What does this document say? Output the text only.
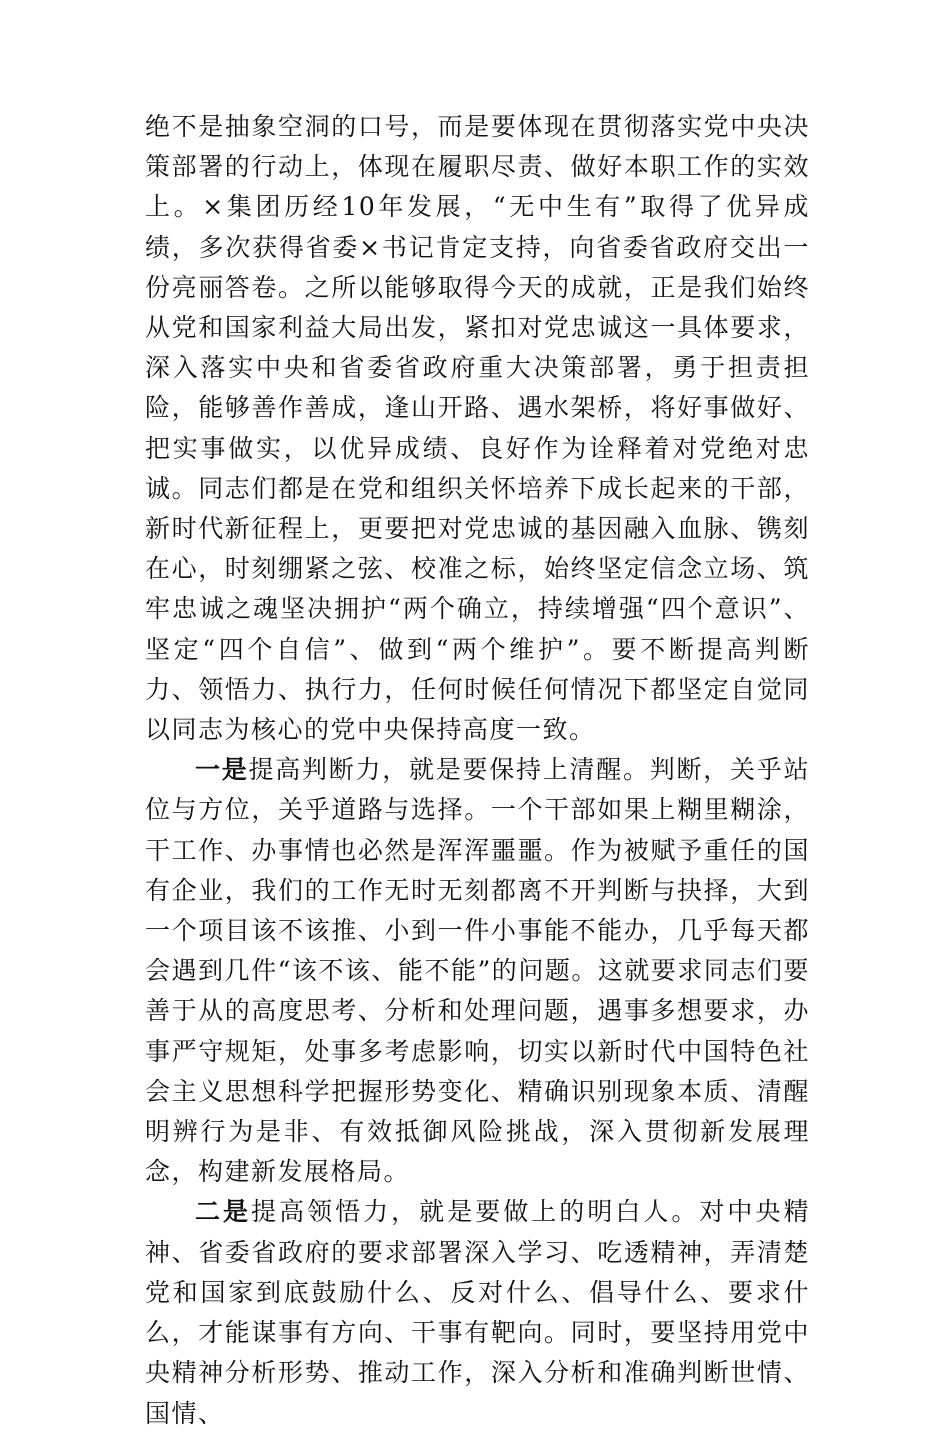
绝不是抽象空洞的口号，而是要体现在贯彻落实党中央决策部署的行动上，体现在履职尽责、做好本职工作的实效上。×集团历经10年发展，“无中生有”取得了优异成绩，多次获得省委×书记肯定支持，向省委省政府交出一份亮丽答卷。之所以能够取得今天的成就，正是我们始终从党和国家利益大局出发，紧扣对党忠诚这一具体要求，深入落实中央和省委省政府重大决策部署，勇于担责担险，能够善作善成，逢山开路、遇水架桥，将好事做好、把实事做实，以优异成绩、良好作为诠释着对党绝对忠诚。同志们都是在党和组织关怀培养下成长起来的干部，新时代新征程上，更要把对党忠诚的基因融入血脉、镌刻在心，时刻绷紧之弦、校准之标，始终坚定信念立场、筑牢忠诚之魂坚决拥护“两个确立，持续增强“四个意识”、坚定“四个自信”、做到“两个维护”。要不断提高判断力、领悟力、执行力，任何时候任何情况下都坚定自觉同以同志为核心的党中央保持高度一致。

一是提高判断力，就是要保持上清醒。判断，关乎站位与方位，关乎道路与选择。一个干部如果上糊里糊涂，干工作、办事情也必然是浑浑噩噩。作为被赋予重任的国有企业，我们的工作无时无刻都离不开判断与抉择，大到一个项目该不该推、小到一件小事能不能办，几乎每天都会遇到几件“该不该、能不能”的问题。这就要求同志们要善于从的高度思考、分析和处理问题，遇事多想要求，办事严守规矩，处事多考虑影响，切实以新时代中国特色社会主义思想科学把握形势变化、精确识别现象本质、清醒明辨行为是非、有效抵御风险挑战，深入贯彻新发展理念，构建新发展格局。

二是提高领悟力，就是要做上的明白人。对中央精神、省委省政府的要求部署深入学习、吃透精神，弄清楚党和国家到底鼓励什么、反对什么、倡导什么、要求什么，才能谋事有方向、干事有靶向。同时，要坚持用党中央精神分析形势、推动工作，深入分析和准确判断世情、国情、
